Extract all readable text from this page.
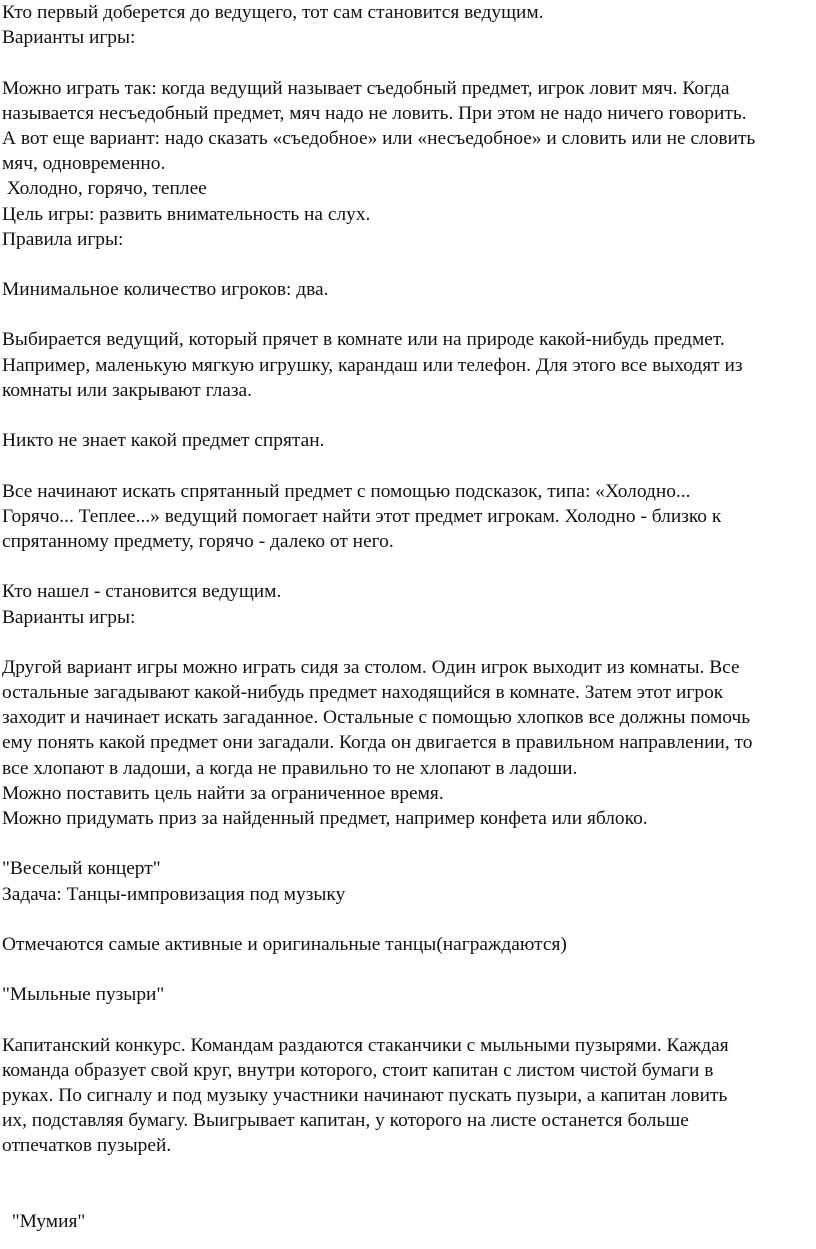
Кто первый доберется до ведущего, тот сам становится ведущим.
Варианты игры:
Можно играть так: когда ведущий называет съедобный предмет, игрок ловит мяч. Когда
называется несъедобный предмет, мяч надо не ловить. При этом не надо ничего говорить.
А вот еще вариант: надо сказать «съедобное» или «несъедобное» и словить или не словить
мяч, одновременно.
Холодно, горячо, теплее
Цель игры: развить внимательность на слух.
Правила игры:
Минимальное количество игроков: два.
Выбирается ведущий, который прячет в комнате или на природе какой-нибудь предмет.
Например, маленькую мягкую игрушку, карандаш или телефон. Для этого все выходят из
комнаты или закрывают глаза.
Никто не знает какой предмет спрятан.
Все начинают искать спрятанный предмет с помощью подсказок, типа: «Холодно...
Горячо... Теплее...» ведущий помогает найти этот предмет игрокам. Холодно - близко к
спрятанному предмету, горячо - далеко от него.
Кто нашел - становится ведущим.
Варианты игры:
Другой вариант игры можно играть сидя за столом. Один игрок выходит из комнаты. Все
остальные загадывают какой-нибудь предмет находящийся в комнате. Затем этот игрок
заходит и начинает искать загаданное. Остальные с помощью хлопков все должны помочь
ему понять какой предмет они загадали. Когда он двигается в правильном направлении, то
все хлопают в ладоши, а когда не правильно то не хлопают в ладоши.
Можно поставить цель найти за ограниченное время.
Можно придумать приз за найденный предмет, например конфета или яблоко.
"Веселый концерт"
Задача: Танцы-импровизация под музыку
Отмечаются самые активные и оригинальные танцы(награждаются)
"Мыльные пузыри"
Капитанский конкурс. Командам раздаются стаканчики с мыльными пузырями. Каждая
команда образует свой круг, внутри которого, стоит капитан с листом чистой бумаги в
руках. По сигналу и под музыку участники начинают пускать пузыри, а капитан ловить
их, подставляя бумагу. Выигрывает капитан, у которого на листе останется больше
отпечатков пузырей.
"Мумия"
